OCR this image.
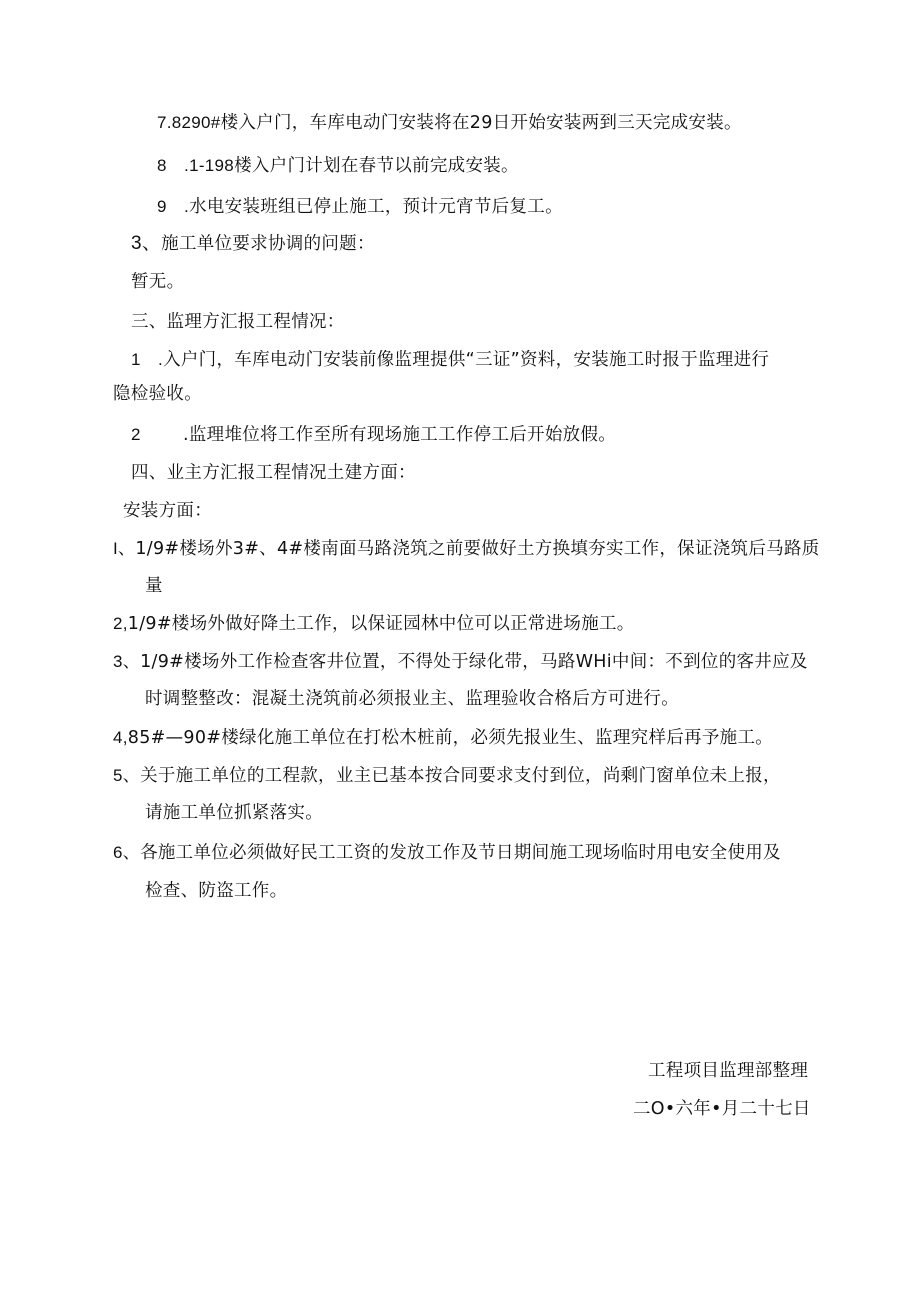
7.8290#楼入户门，车库电动门安装将在29日开始安装两到三天完成安装。
8　.1-198楼入户门计划在春节以前完成安装。
9　.水电安装班组已停止施工，预计元宵节后复工。
3、施工单位要求协调的问题：
暂无。
三、监理方汇报工程情况：
1　.入户门，车库电动门安装前像监理提供“三证”资料，安装施工时报于监理进行
隐检验收。
2 .监理堆位将工作至所有现场施工工作停工后开始放假。
四、业主方汇报工程情况土建方面：
安装方面：
I、1/9#楼场外3#、4#楼南面马路浇筑之前要做好土方换填夯实工作，保证浇筑后马路质
量
2,1/9#楼场外做好降土工作，以保证园林中位可以正常进场施工。
3、1/9#楼场外工作检查客井位置，不得处于绿化带，马路WHi中间：不到位的客井应及
时调整整改：混凝土浇筑前必须报业主、监理验收合格后方可进行。
4,85#—90#楼绿化施工单位在打松木桩前，必须先报业生、监理究样后再予施工。
5、关于施工单位的工程款，业主已基本按合同要求支付到位，尚剩门窗单位未上报，
请施工单位抓紧落实。
6、各施工单位必须做好民工工资的发放工作及节日期间施工现场临时用电安全使用及
检查、防盗工作。
工程项目监理部整理
二O•六年•月二十七日
